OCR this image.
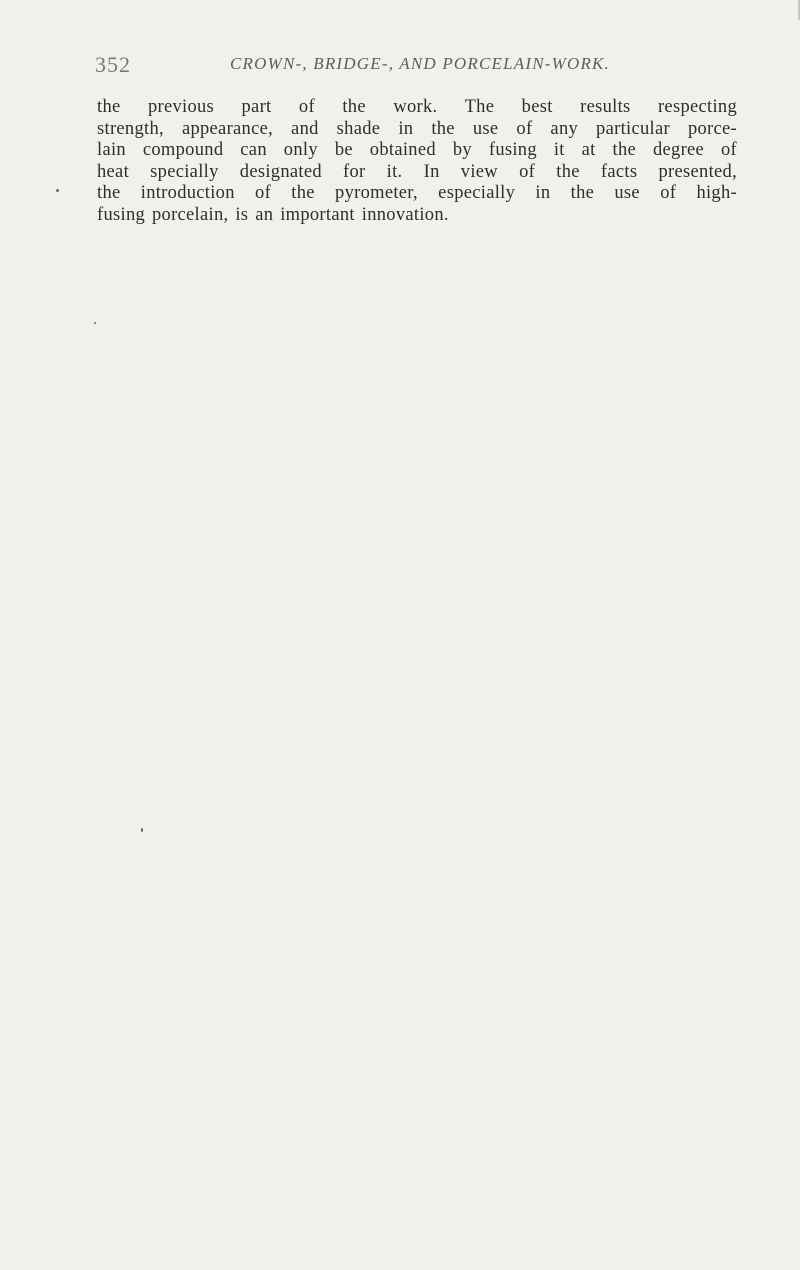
352	CROWN-, BRIDGE-, AND PORCELAIN-WORK.
the previous part of the work. The best results respecting
strength, appearance, and shade in the use of any particular porce-
lain compound can only be obtained by fusing it at the degree of
heat specially designated for it. In view of the facts presented,
the introduction of the pyrometer, especially in the use of high-
fusing porcelain, is an important innovation.
